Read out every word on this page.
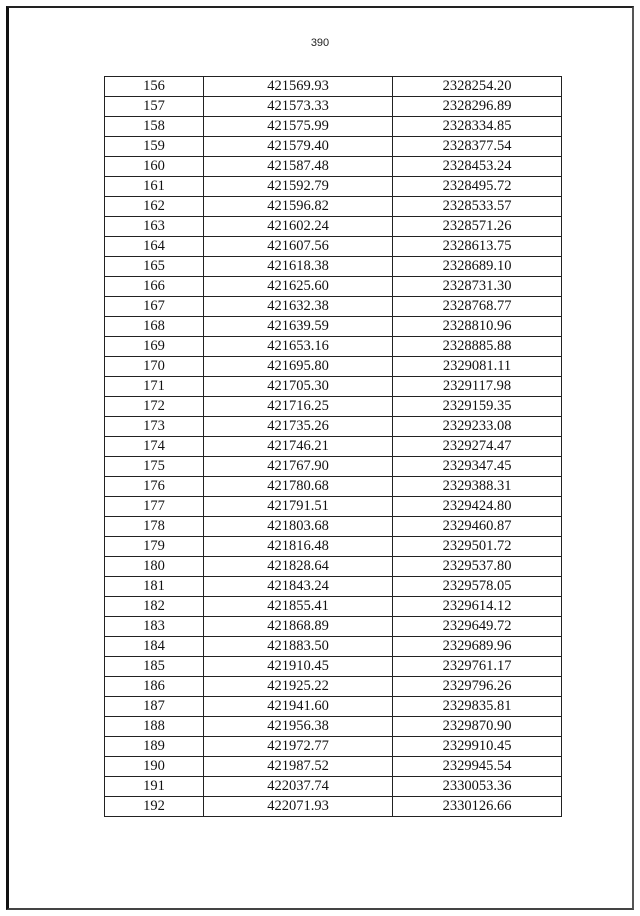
390
156	421569.93	2328254.20
157	421573.33	2328296.89
158	421575.99	2328334.85
159	421579.40	2328377.54
160	421587.48	2328453.24
161	421592.79	2328495.72
162	421596.82	2328533.57
163	421602.24	2328571.26
164	421607.56	2328613.75
165	421618.38	2328689.10
166	421625.60	2328731.30
167	421632.38	2328768.77
168	421639.59	2328810.96
169	421653.16	2328885.88
170	421695.80	2329081.11
171	421705.30	2329117.98
172	421716.25	2329159.35
173	421735.26	2329233.08
174	421746.21	2329274.47
175	421767.90	2329347.45
176	421780.68	2329388.31
177	421791.51	2329424.80
178	421803.68	2329460.87
179	421816.48	2329501.72
180	421828.64	2329537.80
181	421843.24	2329578.05
182	421855.41	2329614.12
183	421868.89	2329649.72
184	421883.50	2329689.96
185	421910.45	2329761.17
186	421925.22	2329796.26
187	421941.60	2329835.81
188	421956.38	2329870.90
189	421972.77	2329910.45
190	421987.52	2329945.54
191	422037.74	2330053.36
192	422071.93	2330126.66
